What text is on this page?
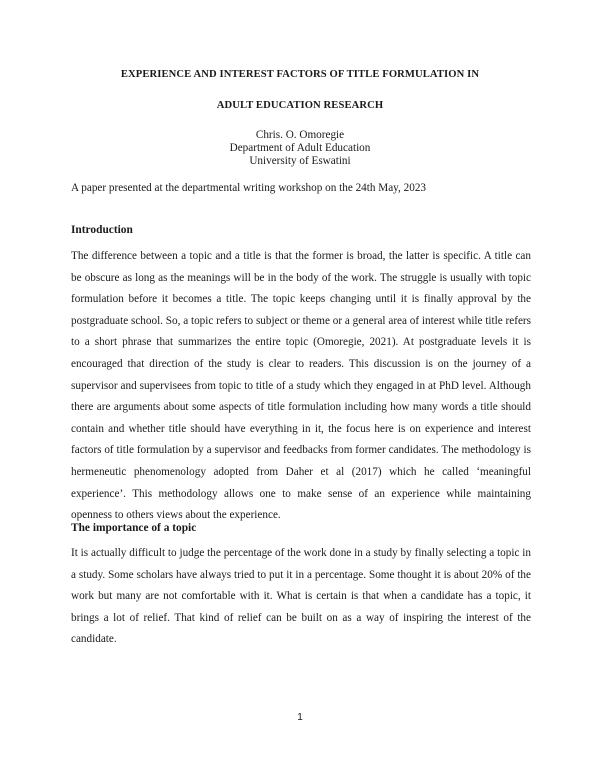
EXPERIENCE AND INTEREST FACTORS OF TITLE FORMULATION IN
ADULT EDUCATION RESEARCH
Chris. O. Omoregie
Department of Adult Education
University of Eswatini
A paper presented at the departmental writing workshop on the 24th May, 2023
Introduction

The difference between a topic and a title is that the former is broad, the latter is specific. A title can be obscure as long as the meanings will be in the body of the work. The struggle is usually with topic formulation before it becomes a title. The topic keeps changing until it is finally approval by the postgraduate school. So, a topic refers to subject or theme or a general area of interest while title refers to a short phrase that summarizes the entire topic (Omoregie, 2021). At postgraduate levels it is encouraged that direction of the study is clear to readers. This discussion is on the journey of a supervisor and supervisees from topic to title of a study which they engaged in at PhD level. Although there are arguments about some aspects of title formulation including how many words a title should contain and whether title should have everything in it, the focus here is on experience and interest factors of title formulation by a supervisor and feedbacks from former candidates. The methodology is hermeneutic phenomenology adopted from Daher et al (2017) which he called ‘meaningful experience’. This methodology allows one to make sense of an experience while maintaining openness to others views about the experience.

The importance of a topic

It is actually difficult to judge the percentage of the work done in a study by finally selecting a topic in a study. Some scholars have always tried to put it in a percentage. Some thought it is about 20% of the work but many are not comfortable with it. What is certain is that when a candidate has a topic, it brings a lot of relief. That kind of relief can be built on as a way of inspiring the interest of the candidate.

1
